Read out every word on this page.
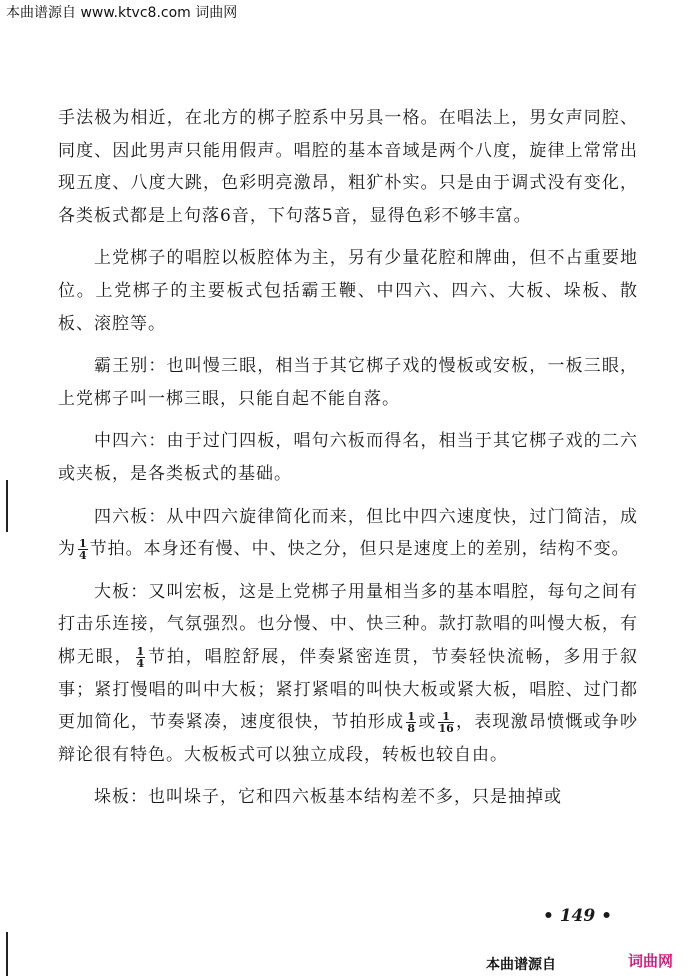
本曲谱源自 www.ktvc8.com 词曲网

手法极为相近，在北方的梆子腔系中另具一格。在唱法上，男女声同腔、同度、因此男声只能用假声。唱腔的基本音域是两个八度，旋律上常常出现五度、八度大跳，色彩明亮激昂，粗犷朴实。只是由于调式没有变化，各类板式都是上句落6音，下句落5音，显得色彩不够丰富。

上党梆子的唱腔以板腔体为主，另有少量花腔和牌曲，但不占重要地位。上党梆子的主要板式包括霸王鞭、中四六、四六、大板、垛板、散板、滚腔等。

霸王别：也叫慢三眼，相当于其它梆子戏的慢板或安板，一板三眼，上党梆子叫一梆三眼，只能自起不能自落。

中四六：由于过门四板，唱句六板而得名，相当于其它梆子戏的二六或夹板，是各类板式的基础。

四六板：从中四六旋律简化而来，但比中四六速度快，过门简洁，成为 $\frac{1}{4}$ 节拍。本身还有慢、中、快之分，但只是速度上的差别，结构不变。

大板：又叫宏板，这是上党梆子用量相当多的基本唱腔，每句之间有打击乐连接，气氛强烈。也分慢、中、快三种。款打款唱的叫慢大板，有梆无眼， $\frac{1}{4}$ 节拍，唱腔舒展，伴奏紧密连贯，节奏轻快流畅，多用于叙事；紧打慢唱的叫中大板；紧打紧唱的叫快大板或紧大板，唱腔、过门都更加简化，节奏紧凑，速度很快，节拍形成 $\frac{1}{8}$ 或 $\frac{1}{16}$ ，表现激昂愤慨或争吵辩论很有特色。大板板式可以独立成段，转板也较自由。

垛板：也叫垛子，它和四六板基本结构差不多，只是抽掉或

• 149 •
本曲谱源自	词曲网
